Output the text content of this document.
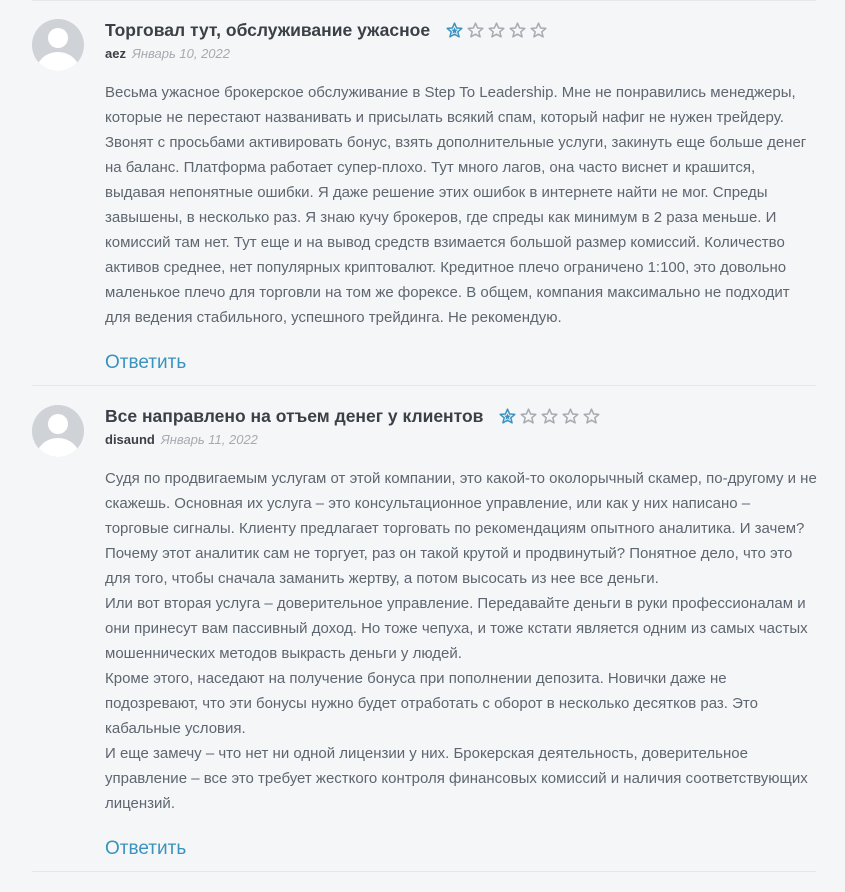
Торговал тут, обслуживание ужасное
aez Январь 10, 2022

Весьма ужасное брокерское обслуживание в Step To Leadership. Мне не понравились менеджеры, которые не перестают названивать и присылать всякий спам, который нафиг не нужен трейдеру. Звонят с просьбами активировать бонус, взять дополнительные услуги, закинуть еще больше денег на баланс. Платформа работает супер-плохо. Тут много лагов, она часто виснет и крашится, выдавая непонятные ошибки. Я даже решение этих ошибок в интернете найти не мог. Спреды завышены, в несколько раз. Я знаю кучу брокеров, где спреды как минимум в 2 раза меньше. И комиссий там нет. Тут еще и на вывод средств взимается большой размер комиссий. Количество активов среднее, нет популярных криптовалют. Кредитное плечо ограничено 1:100, это довольно маленькое плечо для торговли на том же форексе. В общем, компания максимально не подходит для ведения стабильного, успешного трейдинга. Не рекомендую.

Ответить
Все направлено на отъем денег у клиентов
disaund Январь 11, 2022

Судя по продвигаемым услугам от этой компании, это какой-то околорычный скамер, по-другому и не скажешь. Основная их услуга – это консультационное управление, или как у них написано – торговые сигналы. Клиенту предлагает торговать по рекомендациям опытного аналитика. И зачем? Почему этот аналитик сам не торгует, раз он такой крутой и продвинутый? Понятное дело, что это для того, чтобы сначала заманить жертву, а потом высосать из нее все деньги.

Или вот вторая услуга – доверительное управление. Передавайте деньги в руки профессионалам и они принесут вам пассивный доход. Но тоже чепуха, и тоже кстати является одним из самых частых мошеннических методов выкрасть деньги у людей.

Кроме этого, наседают на получение бонуса при пополнении депозита. Новички даже не подозревают, что эти бонусы нужно будет отработать с оборот в несколько десятков раз. Это кабальные условия.

И еще замечу – что нет ни одной лицензии у них. Брокерская деятельность, доверительное управление – все это требует жесткого контроля финансовых комиссий и наличия соответствующих лицензий.

Ответить
